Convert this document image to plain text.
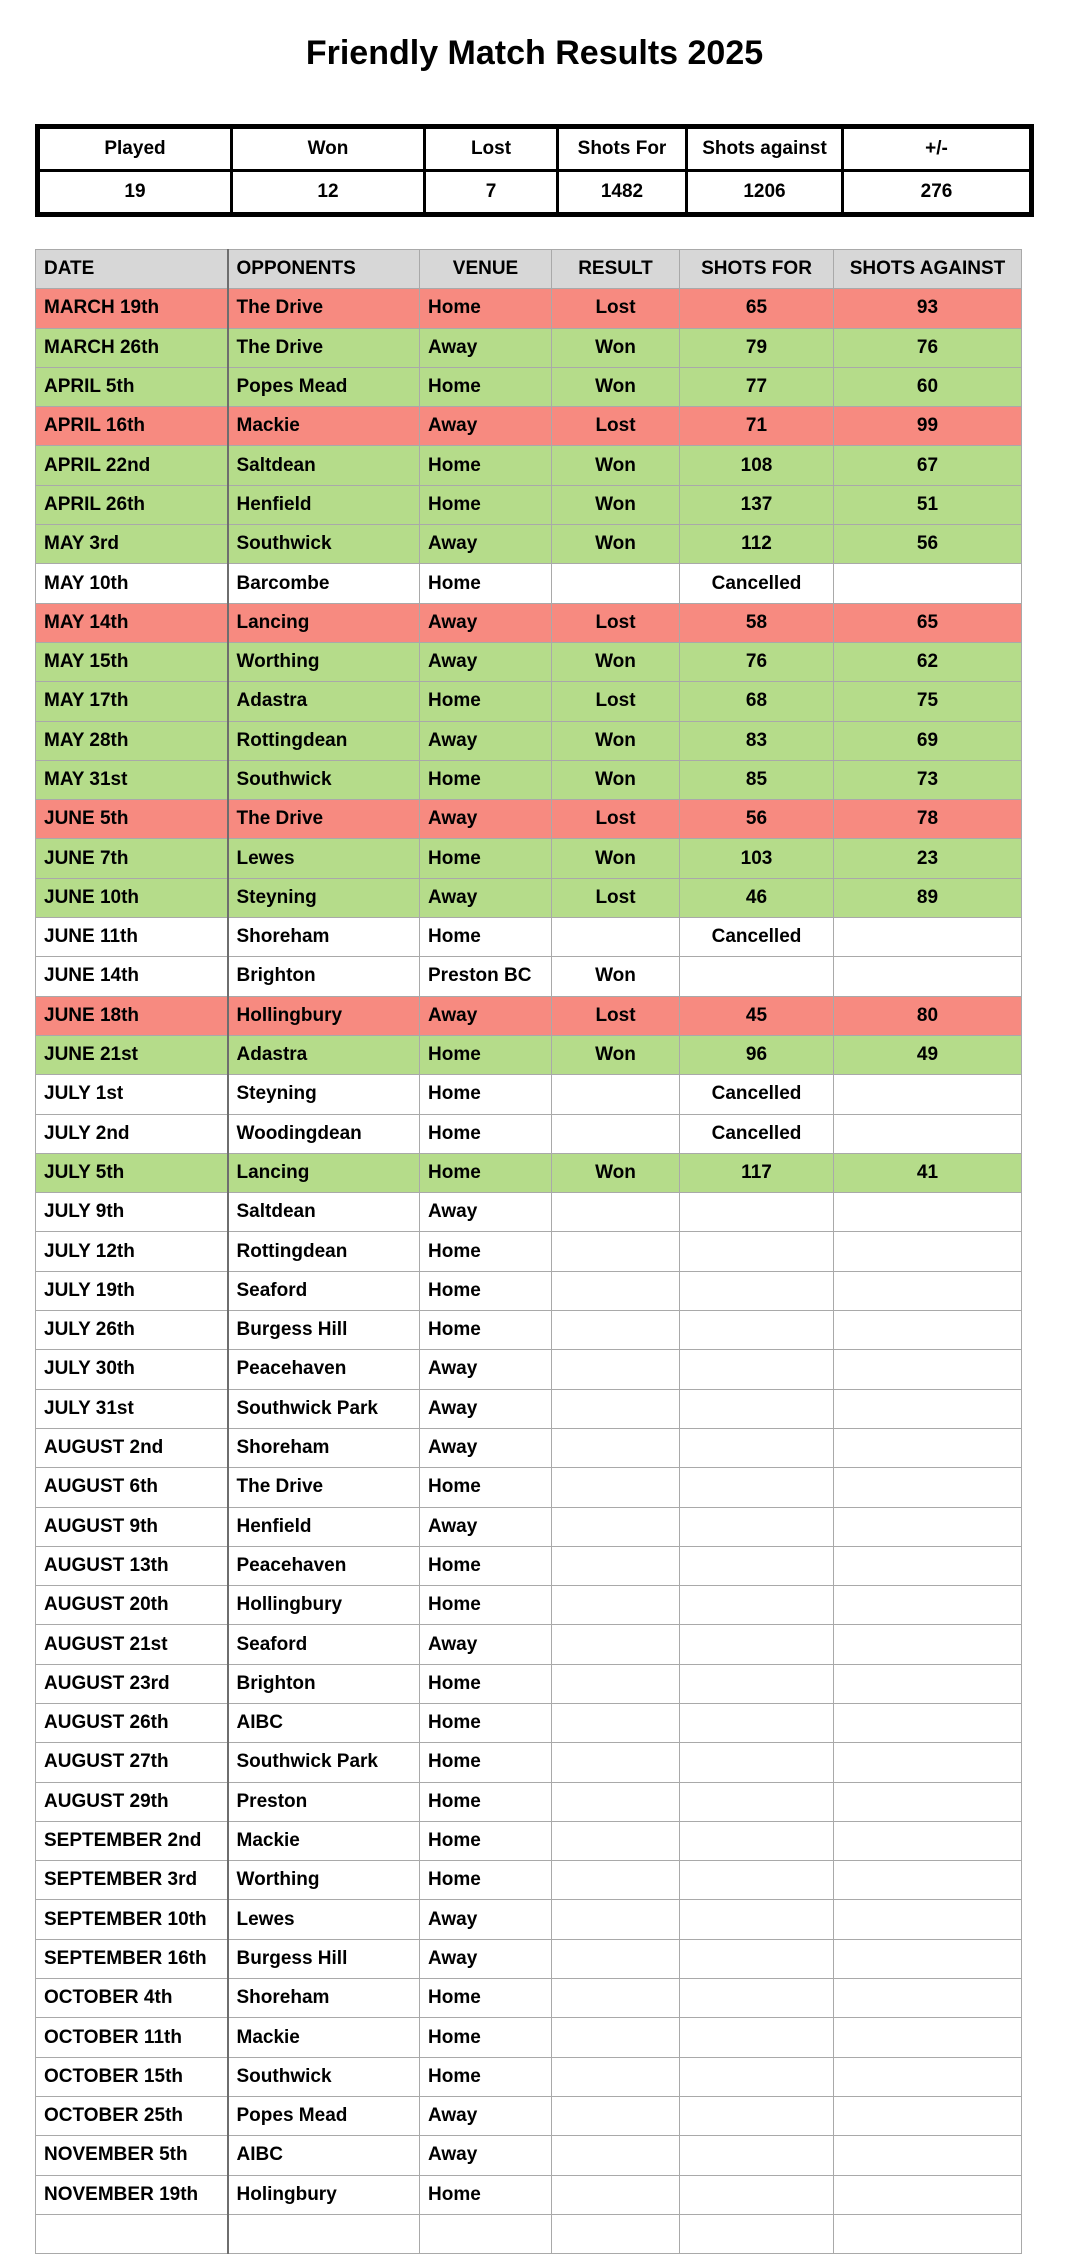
Friendly Match Results 2025
Played	Won	Lost	Shots For	Shots against	+/-
19	12	7	1482	1206	276
DATE	OPPONENTS	VENUE	RESULT	SHOTS FOR	SHOTS AGAINST
MARCH 19th	The Drive	Home	Lost	65	93
MARCH 26th	The Drive	Away	Won	79	76
APRIL 5th	Popes Mead	Home	Won	77	60
APRIL 16th	Mackie	Away	Lost	71	99
APRIL 22nd	Saltdean	Home	Won	108	67
APRIL 26th	Henfield	Home	Won	137	51
MAY 3rd	Southwick	Away	Won	112	56
MAY 10th	Barcombe	Home		Cancelled	
MAY 14th	Lancing	Away	Lost	58	65
MAY 15th	Worthing	Away	Won	76	62
MAY 17th	Adastra	Home	Lost	68	75
MAY 28th	Rottingdean	Away	Won	83	69
MAY 31st	Southwick	Home	Won	85	73
JUNE 5th	The Drive	Away	Lost	56	78
JUNE 7th	Lewes	Home	Won	103	23
JUNE 10th	Steyning	Away	Lost	46	89
JUNE 11th	Shoreham	Home		Cancelled	
JUNE 14th	Brighton	Preston BC	Won		
JUNE 18th	Hollingbury	Away	Lost	45	80
JUNE 21st	Adastra	Home	Won	96	49
JULY 1st	Steyning	Home		Cancelled	
JULY 2nd	Woodingdean	Home		Cancelled	
JULY 5th	Lancing	Home	Won	117	41
JULY 9th	Saltdean	Away			
JULY 12th	Rottingdean	Home			
JULY 19th	Seaford	Home			
JULY 26th	Burgess Hill	Home			
JULY 30th	Peacehaven	Away			
JULY 31st	Southwick Park	Away			
AUGUST 2nd	Shoreham	Away			
AUGUST 6th	The Drive	Home			
AUGUST 9th	Henfield	Away			
AUGUST 13th	Peacehaven	Home			
AUGUST 20th	Hollingbury	Home			
AUGUST 21st	Seaford	Away			
AUGUST 23rd	Brighton	Home			
AUGUST 26th	AIBC	Home			
AUGUST 27th	Southwick Park	Home			
AUGUST 29th	Preston	Home			
SEPTEMBER 2nd	Mackie	Home			
SEPTEMBER 3rd	Worthing	Home			
SEPTEMBER 10th	Lewes	Away			
SEPTEMBER 16th	Burgess Hill	Away			
OCTOBER 4th	Shoreham	Home			
OCTOBER 11th	Mackie	Home			
OCTOBER 15th	Southwick	Home			
OCTOBER 25th	Popes Mead	Away			
NOVEMBER 5th	AIBC	Away			
NOVEMBER 19th	Holingbury	Home			
